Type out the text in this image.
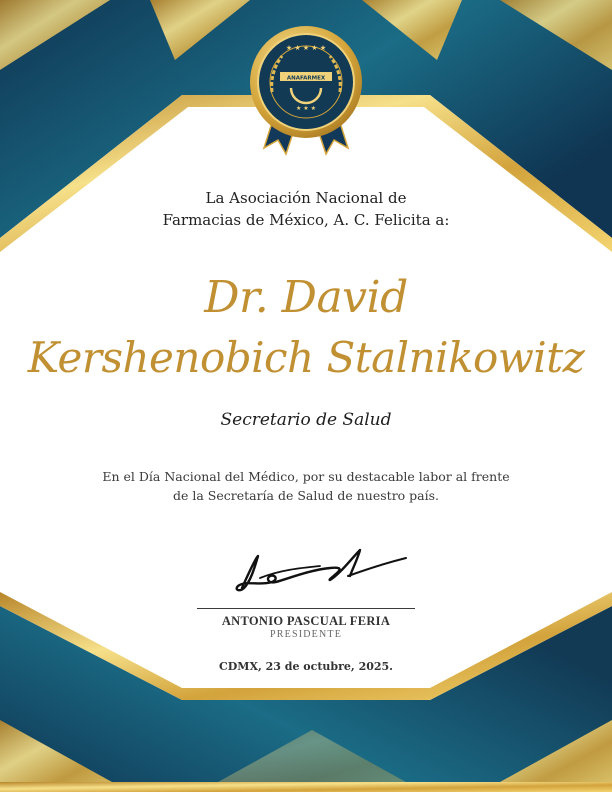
★ ★ ★ ★ ★
ANAFARMEX
★ ★ ★

La Asociación Nacional de
Farmacias de México, A. C. Felicita a:

Dr. David

Kershenobich Stalnikowitz

Secretario de Salud

En el Día Nacional del Médico, por su destacable labor al frente
de la Secretaría de Salud de nuestro país.

ANTONIO PASCUAL FERIA

PRESIDENTE

CDMX, 23 de octubre, 2025.
